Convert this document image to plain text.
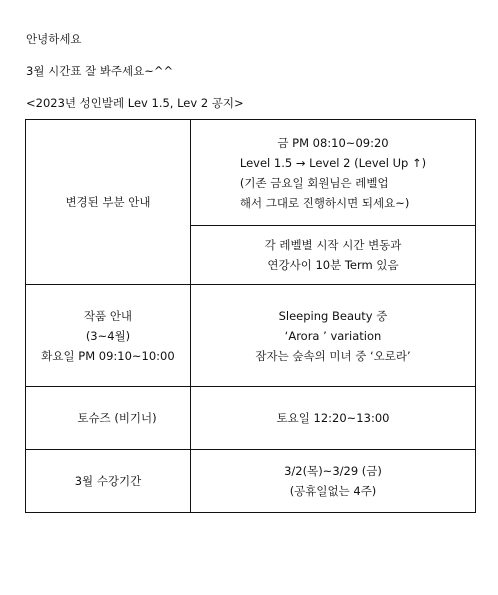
안녕하세요
3월 시간표 잘 봐주세요~^^
<2023년 성인발레 Lev 1.5, Lev 2 공지>
변경된 부분 안내	금 PM 08:10~09:20
Level 1.5 → Level 2 (Level Up ↑)
(기존 금요일 회원님은 레벨업
해서 그대로 진행하시면 되세요~)

	각 레벨별 시작 시간 변동과
연강사이 10분 Term 있음

작품 안내
(3~4월)
화요일 PM 09:10~10:00	Sleeping Beauty 중
‘Arora ’ variation
잠자는 숲속의 미녀 중 ‘오로라’

토슈즈 (비기너)	토요일 12:20~13:00

3월 수강기간	3/2(목)~3/29 (금)
(공휴일없는 4주)
